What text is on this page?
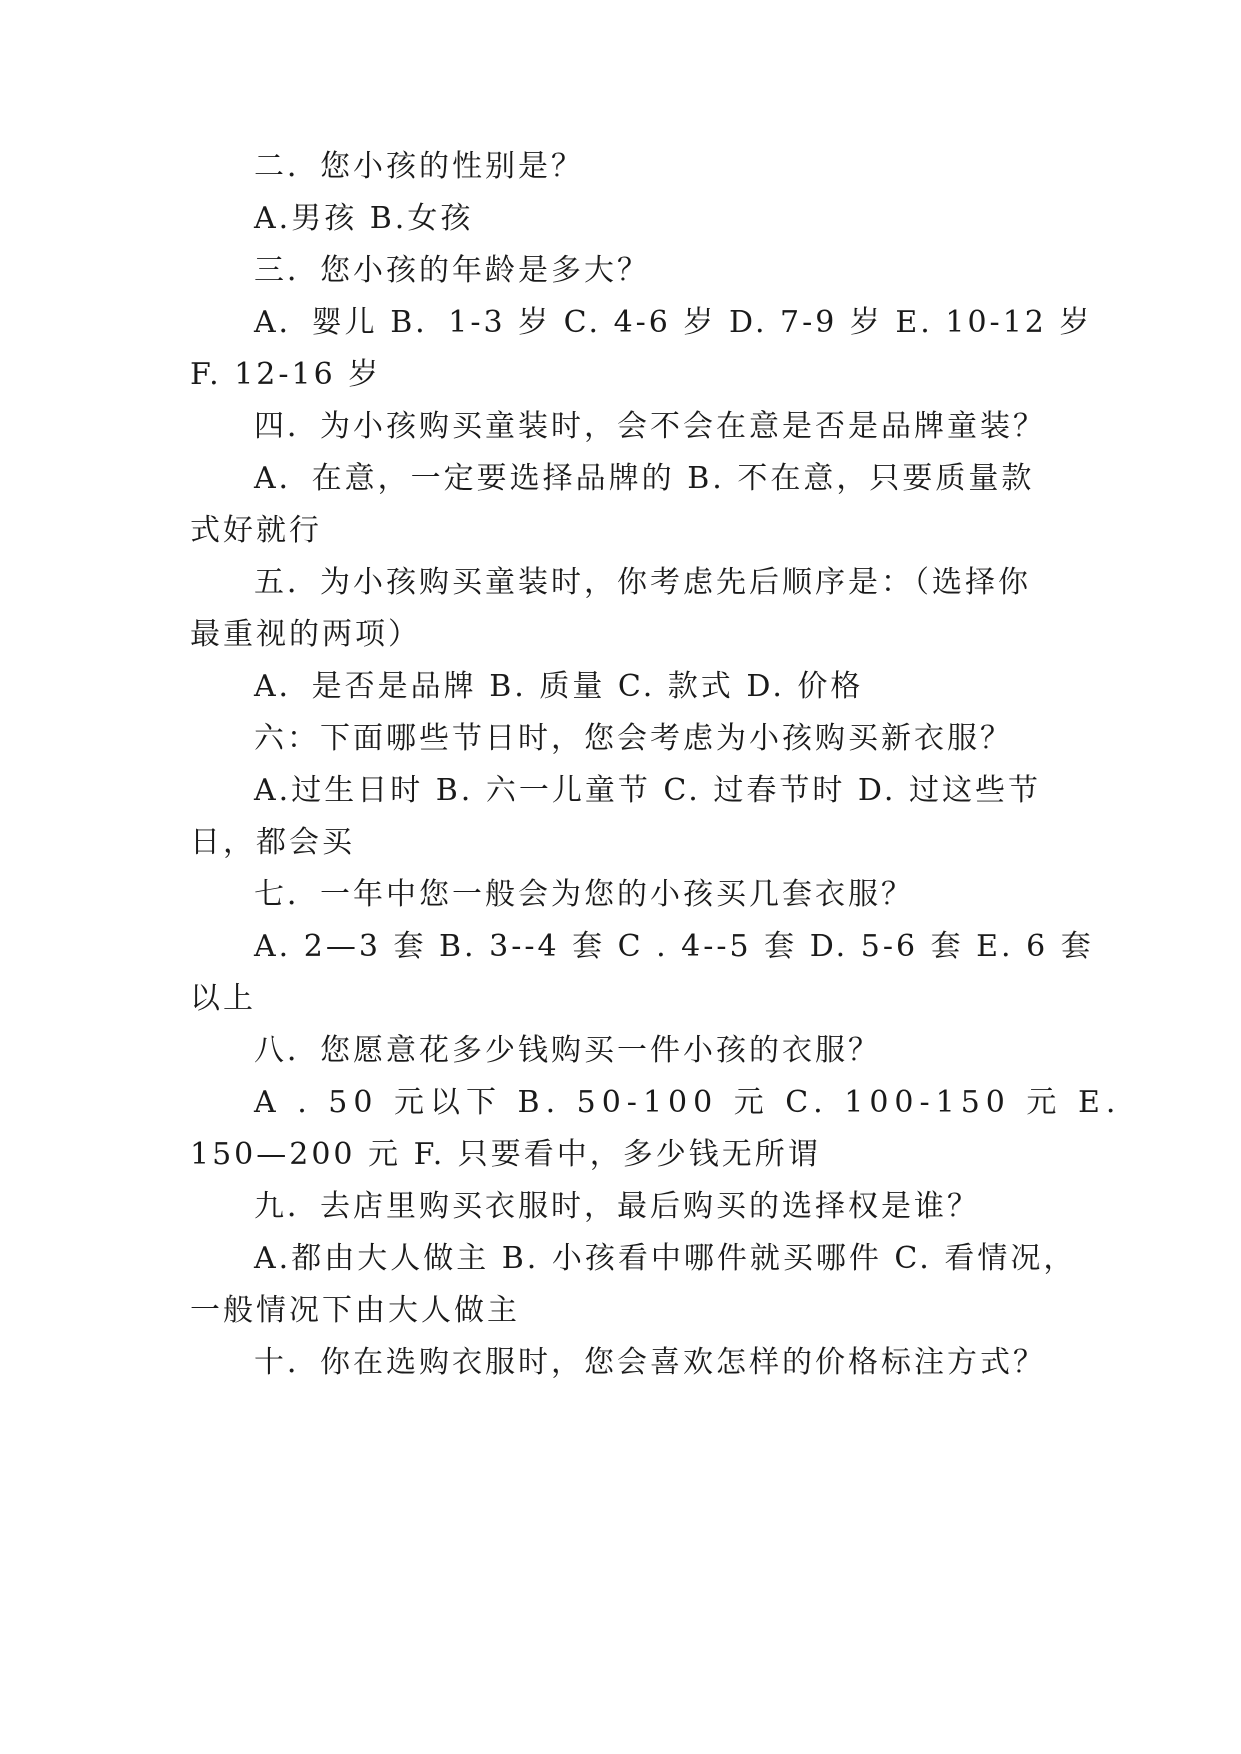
二．您小孩的性别是？
A.男孩 B.女孩
三．您小孩的年龄是多大？
A．婴儿 B．1-3 岁 C. 4-6 岁 D. 7-9 岁 E. 10-12 岁
F. 12-16 岁
四．为小孩购买童装时，会不会在意是否是品牌童装？
A．在意，一定要选择品牌的 B. 不在意，只要质量款
式好就行
五．为小孩购买童装时，你考虑先后顺序是：（选择你
最重视的两项）
A．是否是品牌 B. 质量 C. 款式 D. 价格
六：下面哪些节日时，您会考虑为小孩购买新衣服？
A.过生日时 B. 六一儿童节 C. 过春节时 D. 过这些节
日，都会买
七．一年中您一般会为您的小孩买几套衣服？
A. 2—3 套 B. 3--4 套 C . 4--5 套 D. 5-6 套 E. 6 套
以上
八．您愿意花多少钱购买一件小孩的衣服？
A . 50 元以下 B. 50-100 元 C. 100-150 元 E.
150—200 元 F. 只要看中，多少钱无所谓
九．去店里购买衣服时，最后购买的选择权是谁？
A.都由大人做主 B. 小孩看中哪件就买哪件 C. 看情况，
一般情况下由大人做主
十．你在选购衣服时，您会喜欢怎样的价格标注方式？
